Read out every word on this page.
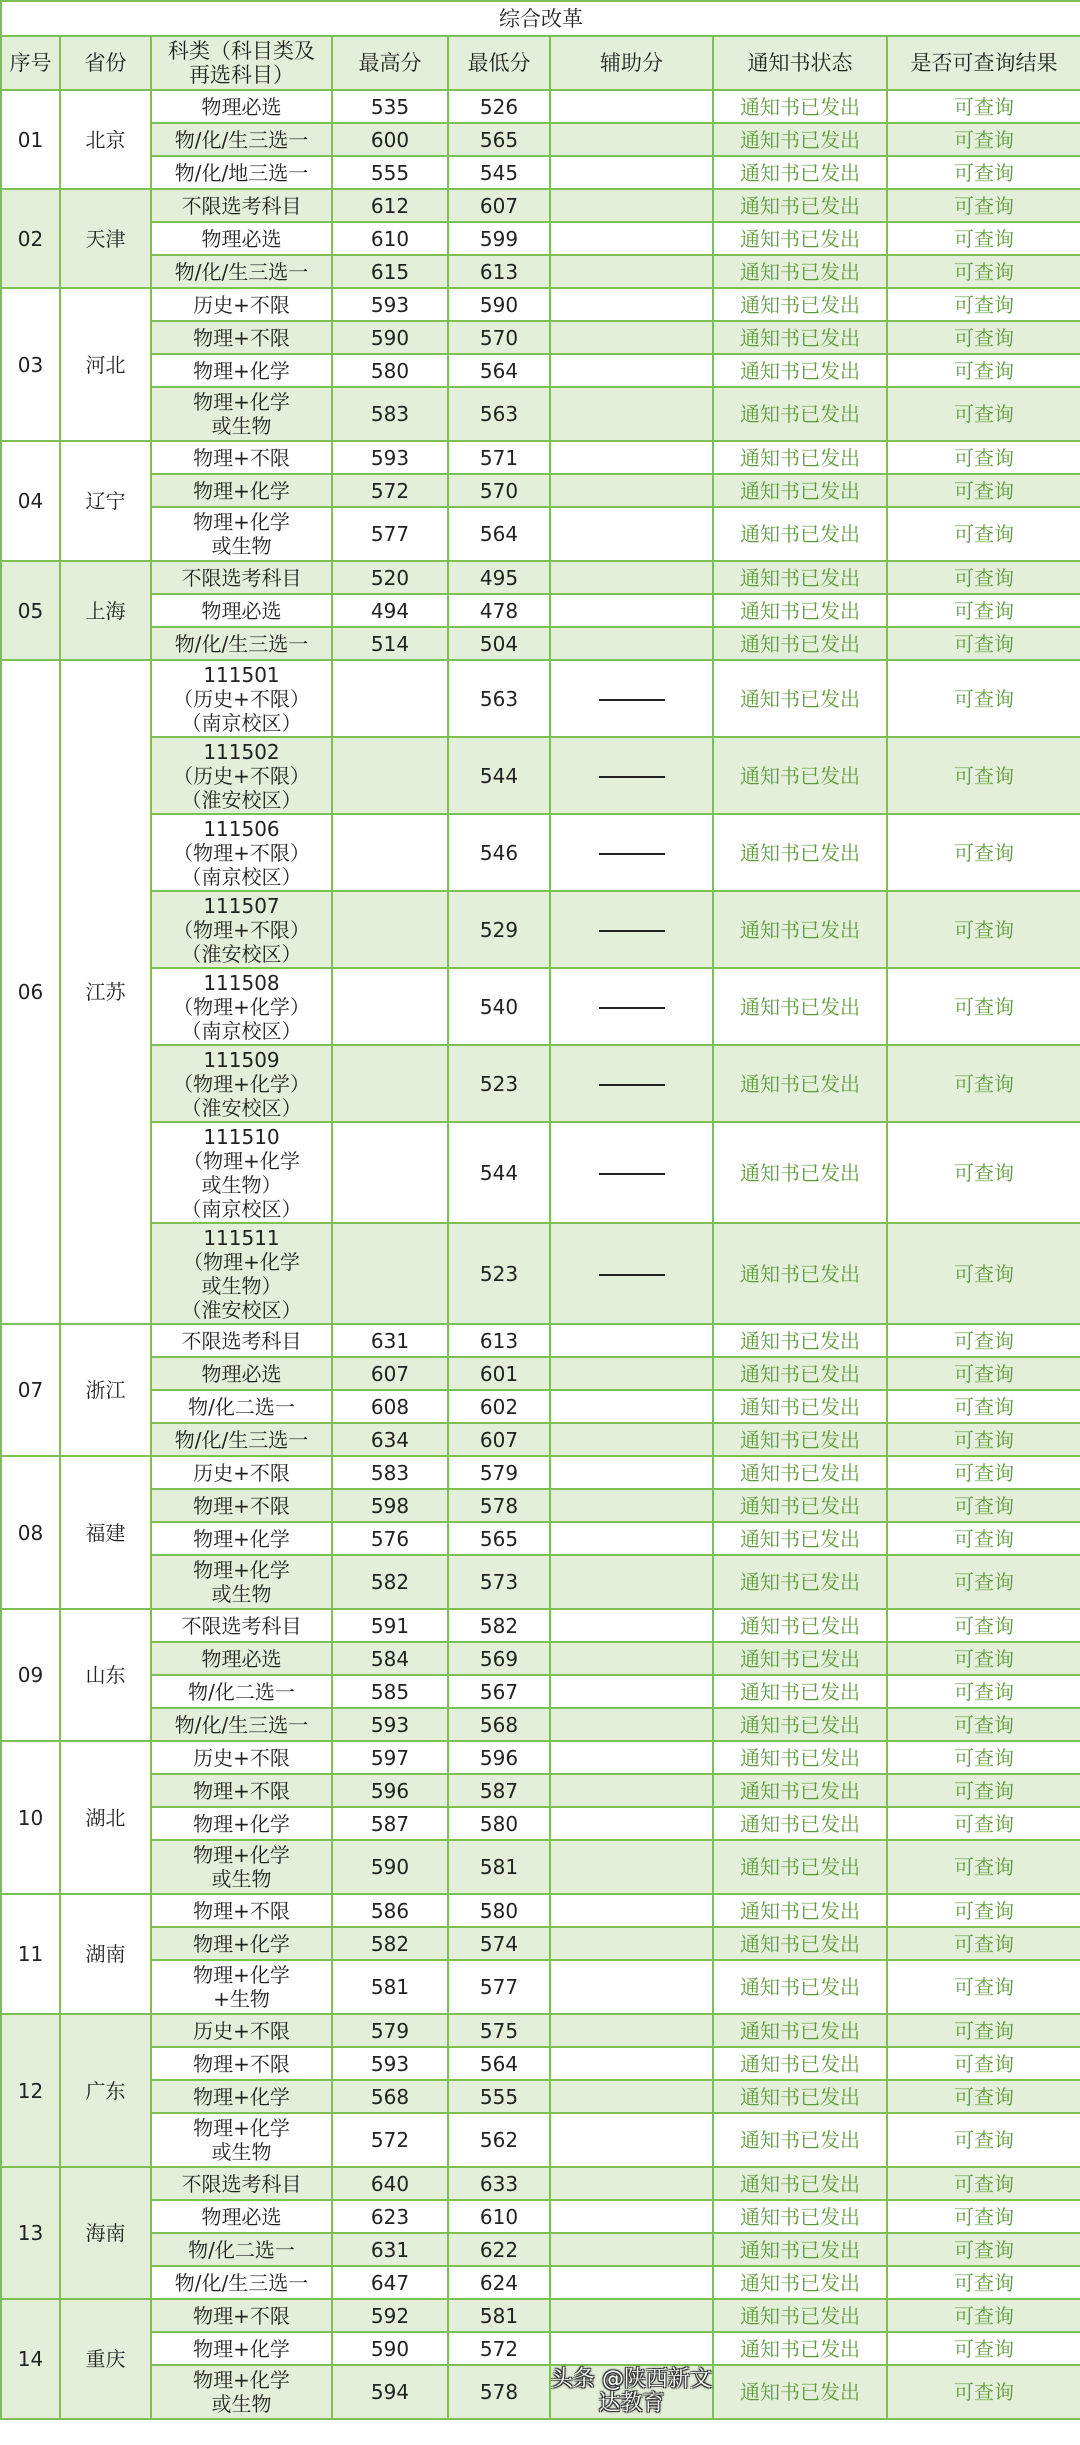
综合改革							
序号	省份	科类（科目类及
再选科目）	最高分	最低分	辅助分	通知书状态	是否可查询结果
01	北京	物理必选	535	526		通知书已发出	可查询
		物/化/生三选一	600	565		通知书已发出	可查询
		物/化/地三选一	555	545		通知书已发出	可查询
02	天津	不限选考科目	612	607		通知书已发出	可查询
		物理必选	610	599		通知书已发出	可查询
		物/化/生三选一	615	613		通知书已发出	可查询
03	河北	历史+不限	593	590		通知书已发出	可查询
		物理+不限	590	570		通知书已发出	可查询
		物理+化学	580	564		通知书已发出	可查询
		物理+化学
或生物	583	563		通知书已发出	可查询
04	辽宁	物理+不限	593	571		通知书已发出	可查询
		物理+化学	572	570		通知书已发出	可查询
		物理+化学
或生物	577	564		通知书已发出	可查询
05	上海	不限选考科目	520	495		通知书已发出	可查询
		物理必选	494	478		通知书已发出	可查询
		物/化/生三选一	514	504		通知书已发出	可查询
06	江苏	111501
（历史+不限）
（南京校区）		563		通知书已发出	可查询
		111502
（历史+不限）
（淮安校区）		544		通知书已发出	可查询
		111506
（物理+不限）
（南京校区）		546		通知书已发出	可查询
		111507
（物理+不限）
（淮安校区）		529		通知书已发出	可查询
		111508
（物理+化学）
（南京校区）		540		通知书已发出	可查询
		111509
（物理+化学）
（淮安校区）		523		通知书已发出	可查询
		111510
（物理+化学
或生物）
（南京校区）		544		通知书已发出	可查询
		111511
（物理+化学
或生物）
（淮安校区）		523		通知书已发出	可查询
07	浙江	不限选考科目	631	613		通知书已发出	可查询
		物理必选	607	601		通知书已发出	可查询
		物/化二选一	608	602		通知书已发出	可查询
		物/化/生三选一	634	607		通知书已发出	可查询
08	福建	历史+不限	583	579		通知书已发出	可查询
		物理+不限	598	578		通知书已发出	可查询
		物理+化学	576	565		通知书已发出	可查询
		物理+化学
或生物	582	573		通知书已发出	可查询
09	山东	不限选考科目	591	582		通知书已发出	可查询
		物理必选	584	569		通知书已发出	可查询
		物/化二选一	585	567		通知书已发出	可查询
		物/化/生三选一	593	568		通知书已发出	可查询
10	湖北	历史+不限	597	596		通知书已发出	可查询
		物理+不限	596	587		通知书已发出	可查询
		物理+化学	587	580		通知书已发出	可查询
		物理+化学
或生物	590	581		通知书已发出	可查询
11	湖南	物理+不限	586	580		通知书已发出	可查询
		物理+化学	582	574		通知书已发出	可查询
		物理+化学
+生物	581	577		通知书已发出	可查询
12	广东	历史+不限	579	575		通知书已发出	可查询
		物理+不限	593	564		通知书已发出	可查询
		物理+化学	568	555		通知书已发出	可查询
		物理+化学
或生物	572	562		通知书已发出	可查询
13	海南	不限选考科目	640	633		通知书已发出	可查询
		物理必选	623	610		通知书已发出	可查询
		物/化二选一	631	622		通知书已发出	可查询
		物/化/生三选一	647	624		通知书已发出	可查询
14	重庆	物理+不限	592	581		通知书已发出	可查询
		物理+化学	590	572		通知书已发出	可查询
		物理+化学
或生物	594	578	头条 @陕西新文达教育	通知书已发出	可查询
